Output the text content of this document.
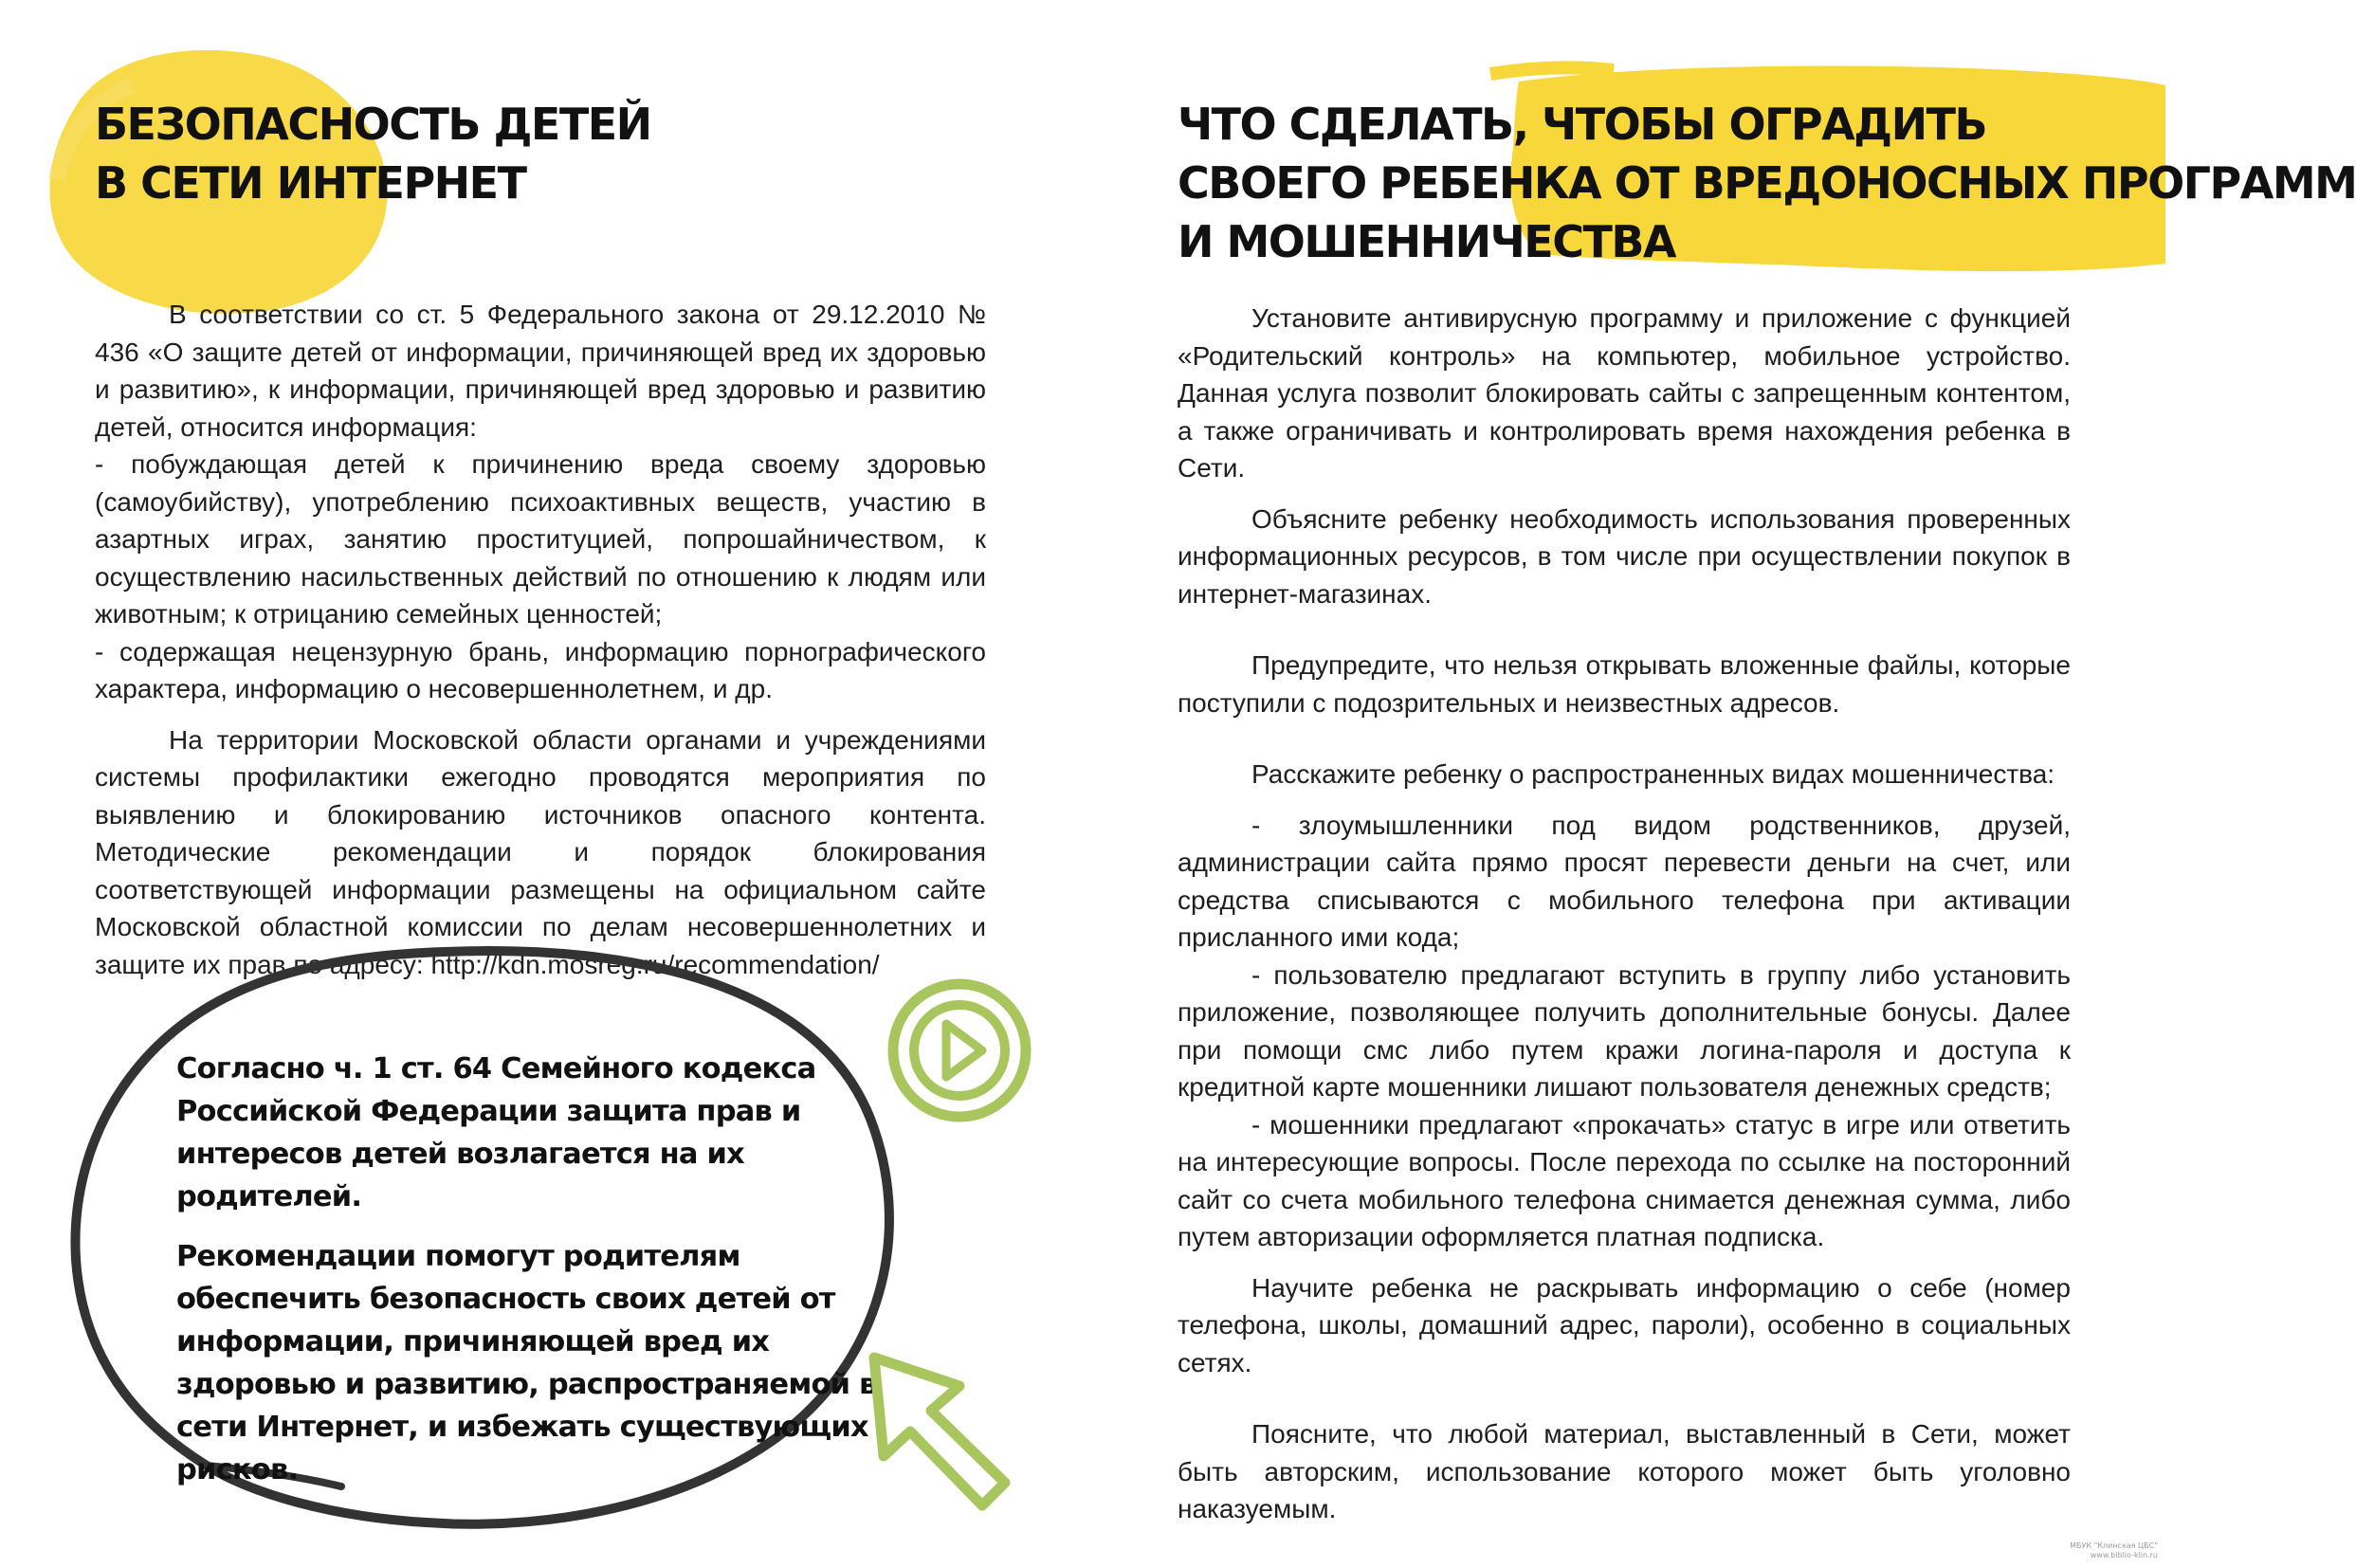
БЕЗОПАСНОСТЬ ДЕТЕЙ
В СЕТИ ИНТЕРНЕТ

В соответствии со ст. 5 Федерального закона от 29.12.2010 № 436 «О защите детей от информации, причиняющей вред их здоровью и развитию», к информации, причиняющей вред здоровью и развитию детей, относится информация:

- побуждающая детей к причинению вреда своему здоровью (самоубийству), употреблению психоактивных веществ, участию в азартных играх, занятию проституцией, попрошайничеством, к осуществлению насильственных действий по отношению к людям или животным; к отрицанию семейных ценностей;

- содержащая нецензурную брань, информацию порнографического характера, информацию о несовершеннолетнем, и др.

На территории Московской области органами и учреждениями системы профилактики ежегодно проводятся мероприятия по выявлению и блокированию источников опасного контента. Методические рекомендации и порядок блокирования соответствующей информации размещены на официальном сайте Московской областной комиссии по делам несовершеннолетних и защите их прав по адресу: http://kdn.mosreg.ru/recommendation/

Согласно ч. 1 ст. 64 Семейного кодекса Российской Федерации защита прав и интересов детей возлагается на их родителей.

Рекомендации помогут родителям обеспечить безопасность своих детей от информации, причиняющей вред их здоровью и развитию, распространяемой в сети Интернет, и избежать существующих рисков.

ЧТО СДЕЛАТЬ, ЧТОБЫ ОГРАДИТЬ
СВОЕГО РЕБЕНКА ОТ ВРЕДОНОСНЫХ ПРОГРАММ
И МОШЕННИЧЕСТВА

Установите антивирусную программу и приложение с функцией «Родительский контроль» на компьютер, мобильное устройство. Данная услуга позволит блокировать сайты с запрещенным контентом, а также ограничивать и контролировать время нахождения ребенка в Сети.

Объясните ребенку необходимость использования проверенных информационных ресурсов, в том числе при осуществлении покупок в интернет-магазинах.

Предупредите, что нельзя открывать вложенные файлы, которые поступили с подозрительных и неизвестных адресов.

Расскажите ребенку о распространенных видах мошенничества:

- злоумышленники под видом родственников, друзей, администрации сайта прямо просят перевести деньги на счет, или средства списываются с мобильного телефона при активации присланного ими кода;

- пользователю предлагают вступить в группу либо установить приложение, позволяющее получить дополнительные бонусы. Далее при помощи смс либо путем кражи логина-пароля и доступа к кредитной карте мошенники лишают пользователя денежных средств;

- мошенники предлагают «прокачать» статус в игре или ответить на интересующие вопросы. После перехода по ссылке на посторонний сайт со счета мобильного телефона снимается денежная сумма, либо путем авторизации оформляется платная подписка.

Научите ребенка не раскрывать информацию о себе (номер телефона, школы, домашний адрес, пароли), особенно в социальных сетях.

Поясните, что любой материал, выставленный в Сети, может быть авторским, использование которого может быть уголовно наказуемым.

МБУК "Клинская ЦБС"
www.biblio-klin.ru
